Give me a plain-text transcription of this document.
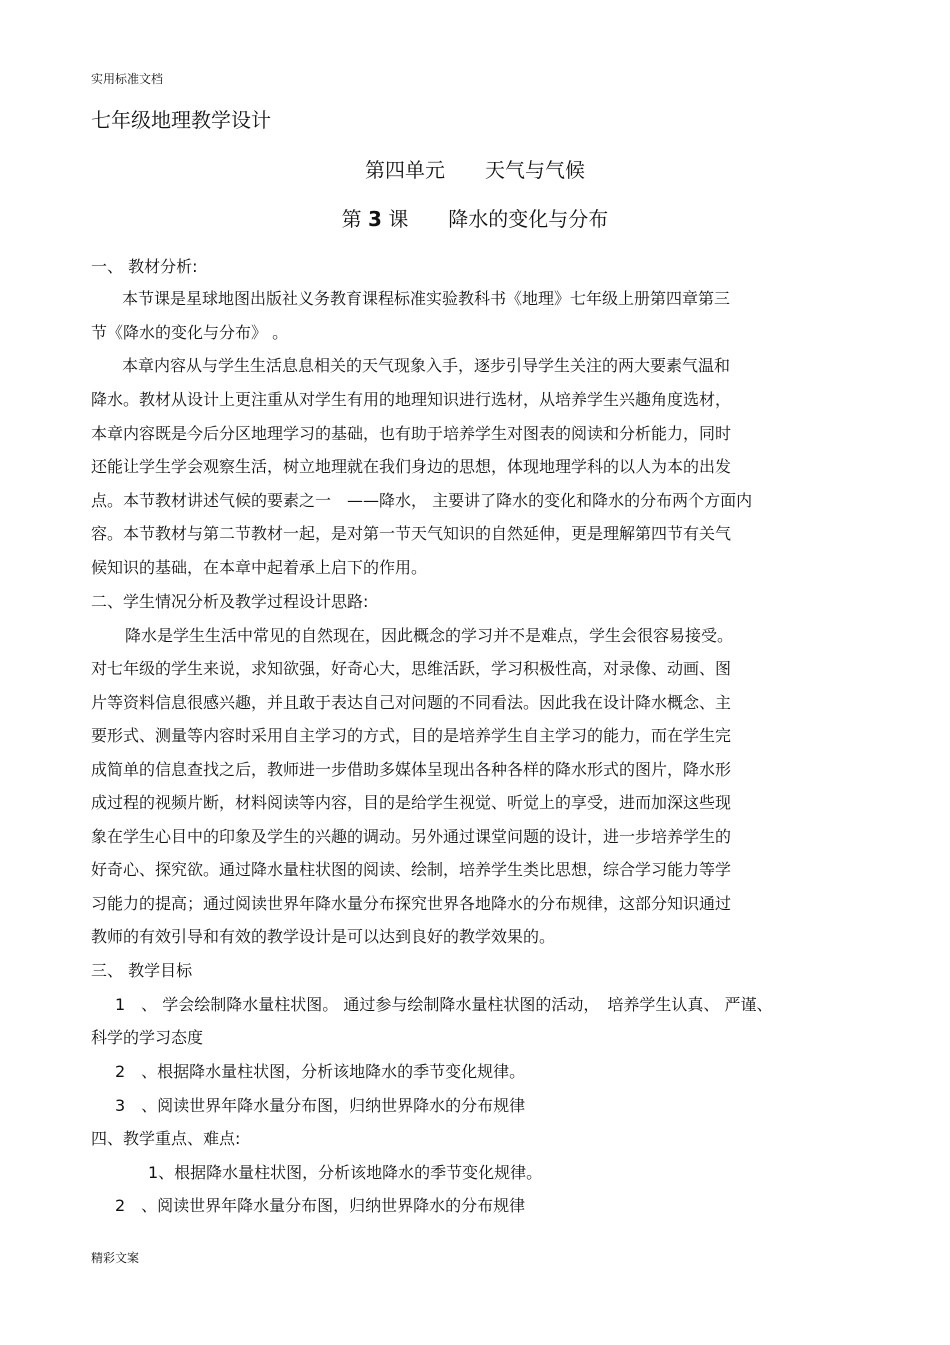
实用标准文档
七年级地理教学设计
第四单元　　天气与气候
第 3 课　　降水的变化与分布
一、 教材分析:
本节课是星球地图出版社义务教育课程标准实验教科书《地理》七年级上册第四章第三
节《降水的变化与分布》 。
本章内容从与学生生活息息相关的天气现象入手，逐步引导学生关注的两大要素气温和
降水。教材从设计上更注重从对学生有用的地理知识进行选材，从培养学生兴趣角度选材，
本章内容既是今后分区地理学习的基础，也有助于培养学生对图表的阅读和分析能力，同时
还能让学生学会观察生活，树立地理就在我们身边的思想，体现地理学科的以人为本的出发
点。本节教材讲述气候的要素之一　——降水， 主要讲了降水的变化和降水的分布两个方面内
容。本节教材与第二节教材一起，是对第一节天气知识的自然延伸，更是理解第四节有关气
候知识的基础，在本章中起着承上启下的作用。
二、学生情况分析及教学过程设计思路:
降水是学生生活中常见的自然现在，因此概念的学习并不是难点，学生会很容易接受。
对七年级的学生来说，求知欲强，好奇心大，思维活跃，学习积极性高，对录像、动画、图
片等资料信息很感兴趣，并且敢于表达自己对问题的不同看法。因此我在设计降水概念、主
要形式、测量等内容时采用自主学习的方式，目的是培养学生自主学习的能力，而在学生完
成简单的信息查找之后，教师进一步借助多媒体呈现出各种各样的降水形式的图片，降水形
成过程的视频片断，材料阅读等内容，目的是给学生视觉、听觉上的享受，进而加深这些现
象在学生心目中的印象及学生的兴趣的调动。另外通过课堂问题的设计，进一步培养学生的
好奇心、探究欲。通过降水量柱状图的阅读、绘制，培养学生类比思想，综合学习能力等学
习能力的提高；通过阅读世界年降水量分布探究世界各地降水的分布规律，这部分知识通过
教师的有效引导和有效的教学设计是可以达到良好的教学效果的。
三、 教学目标
1　、 学会绘制降水量柱状图。 通过参与绘制降水量柱状图的活动，　培养学生认真、 严谨、
科学的学习态度
2　、根据降水量柱状图，分析该地降水的季节变化规律。
3　、阅读世界年降水量分布图，归纳世界降水的分布规律
四、教学重点、难点:
1、根据降水量柱状图，分析该地降水的季节变化规律。
2　、阅读世界年降水量分布图，归纳世界降水的分布规律
精彩文案
